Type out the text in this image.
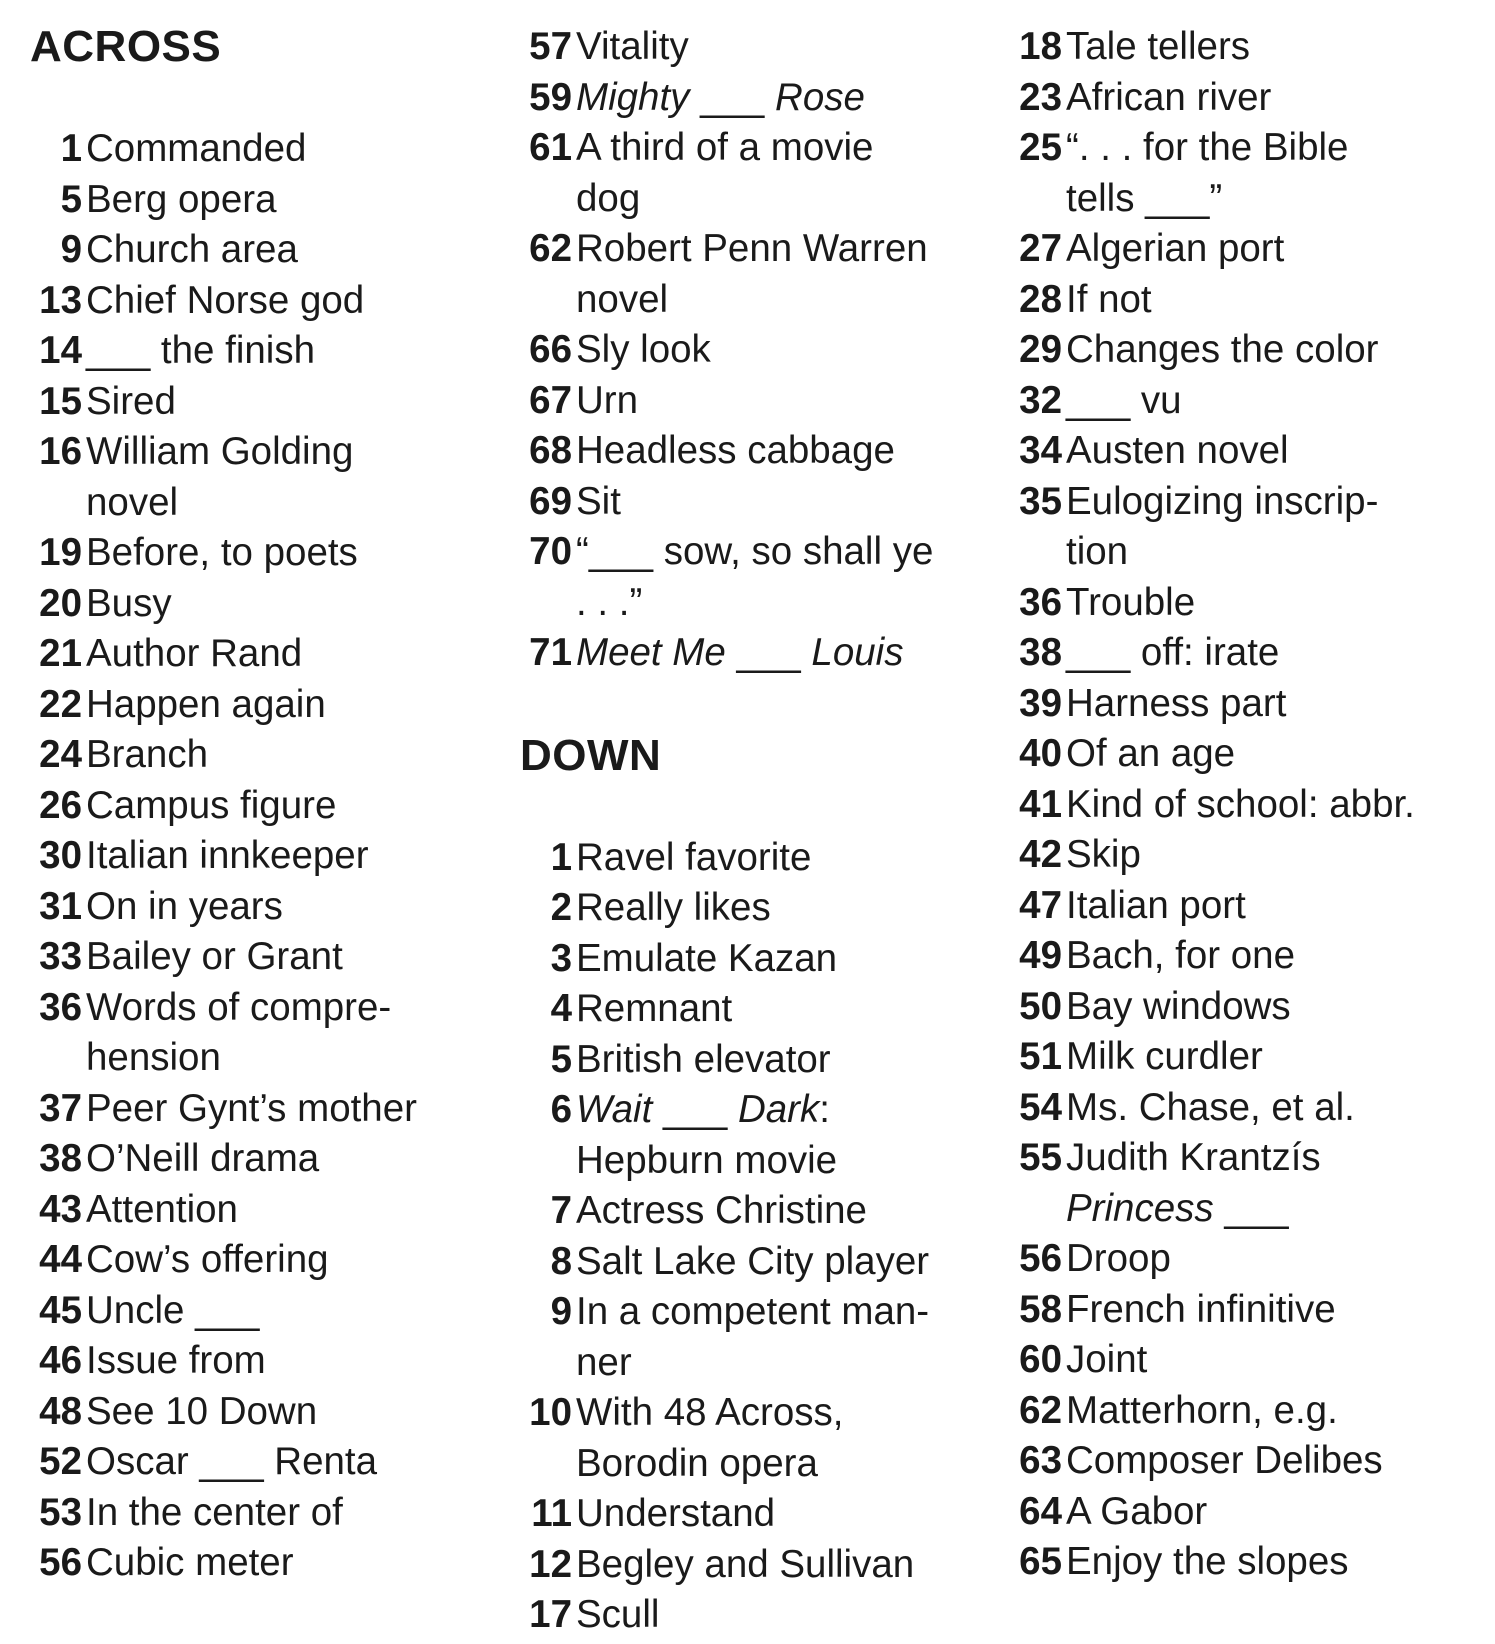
ACROSS
1 Commanded
5 Berg opera
9 Church area
13 Chief Norse god
14 ___ the finish
15 Sired
16 William Golding
novel
19 Before, to poets
20 Busy
21 Author Rand
22 Happen again
24 Branch
26 Campus figure
30 Italian innkeeper
31 On in years
33 Bailey or Grant
36 Words of compre-
hension
37 Peer Gynt’s mother
38 O’Neill drama
43 Attention
44 Cow’s offering
45 Uncle ___
46 Issue from
48 See 10 Down
52 Oscar ___ Renta
53 In the center of
56 Cubic meter
57 Vitality
59 Mighty ___ Rose
61 A third of a movie
dog
62 Robert Penn Warren
novel
66 Sly look
67 Urn
68 Headless cabbage
69 Sit
70 “___ sow, so shall ye
. . .”
71 Meet Me ___ Louis
DOWN
1 Ravel favorite
2 Really likes
3 Emulate Kazan
4 Remnant
5 British elevator
6 Wait ___ Dark:
Hepburn movie
7 Actress Christine
8 Salt Lake City player
9 In a competent man-
ner
10 With 48 Across,
Borodin opera
11 Understand
12 Begley and Sullivan
17 Scull
18 Tale tellers
23 African river
25 “. . . for the Bible
tells ___”
27 Algerian port
28 If not
29 Changes the color
32 ___ vu
34 Austen novel
35 Eulogizing inscrip-
tion
36 Trouble
38 ___ off: irate
39 Harness part
40 Of an age
41 Kind of school: abbr.
42 Skip
47 Italian port
49 Bach, for one
50 Bay windows
51 Milk curdler
54 Ms. Chase, et al.
55 Judith Krantzís
Princess ___
56 Droop
58 French infinitive
60 Joint
62 Matterhorn, e.g.
63 Composer Delibes
64 A Gabor
65 Enjoy the slopes
